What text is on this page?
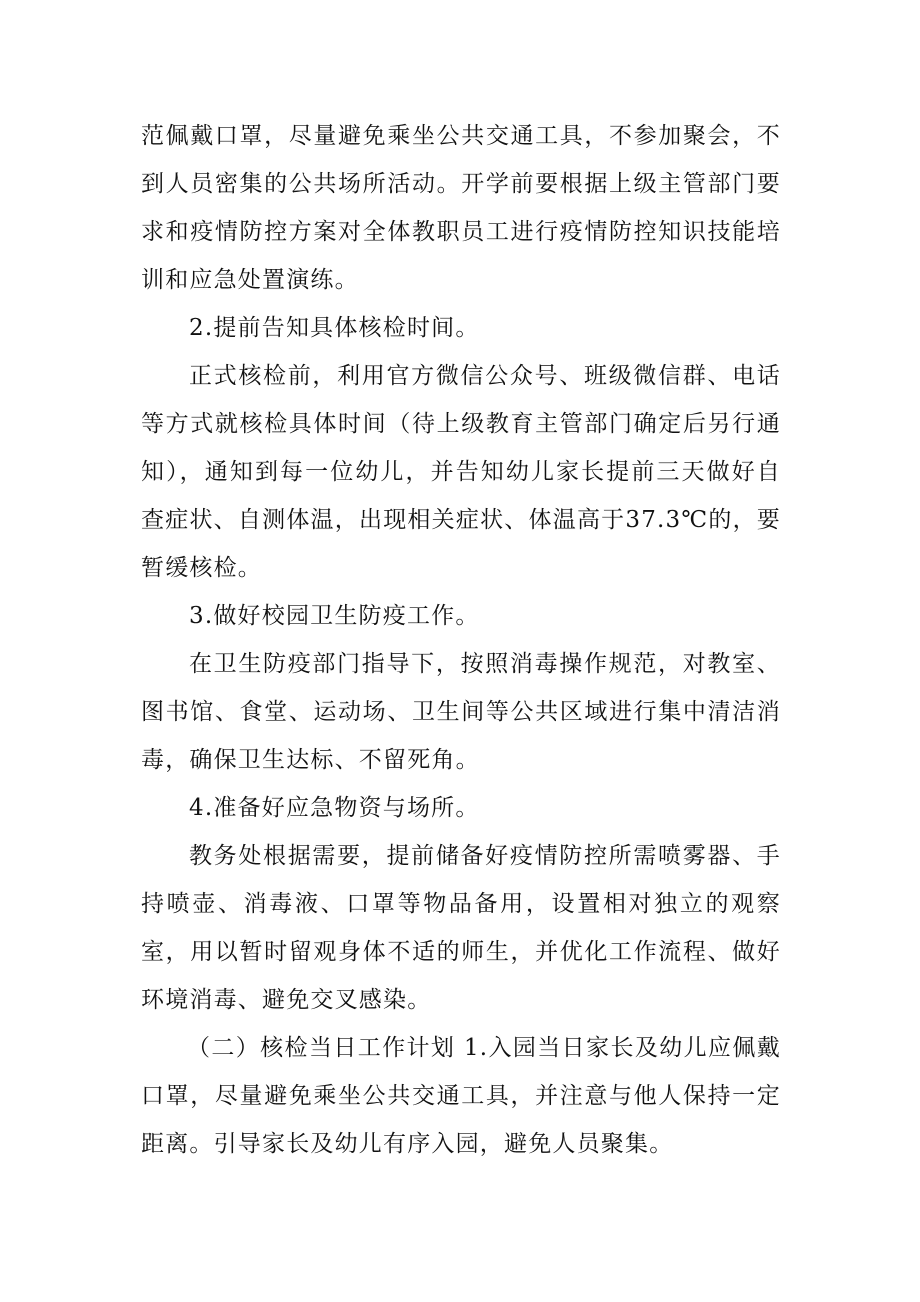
范佩戴口罩，尽量避免乘坐公共交通工具，不参加聚会，不到人员密集的公共场所活动。开学前要根据上级主管部门要求和疫情防控方案对全体教职员工进行疫情防控知识技能培训和应急处置演练。

2.提前告知具体核检时间。

正式核检前，利用官方微信公众号、班级微信群、电话等方式就核检具体时间（待上级教育主管部门确定后另行通知），通知到每一位幼儿，并告知幼儿家长提前三天做好自查症状、自测体温，出现相关症状、体温高于37.3℃的，要暂缓核检。

3.做好校园卫生防疫工作。

在卫生防疫部门指导下，按照消毒操作规范，对教室、图书馆、食堂、运动场、卫生间等公共区域进行集中清洁消毒，确保卫生达标、不留死角。

4.准备好应急物资与场所。

教务处根据需要，提前储备好疫情防控所需喷雾器、手持喷壶、消毒液、口罩等物品备用，设置相对独立的观察室，用以暂时留观身体不适的师生，并优化工作流程、做好环境消毒、避免交叉感染。

（二）核检当日工作计划 1.入园当日家长及幼儿应佩戴口罩，尽量避免乘坐公共交通工具，并注意与他人保持一定距离。引导家长及幼儿有序入园，避免人员聚集。
